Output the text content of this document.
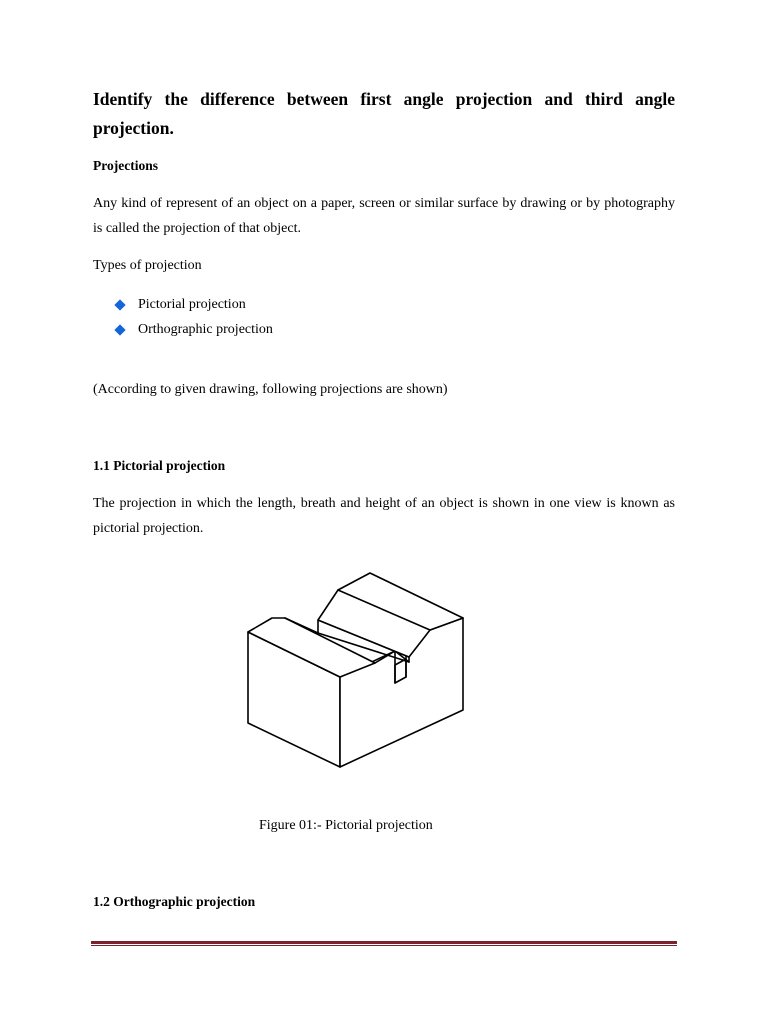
Identify the difference between first angle projection and third angle projection.
Projections

Any kind of represent of an object on a paper, screen or similar surface by drawing or by photography is called the projection of that object.

Types of projection

Pictorial projection
Orthographic projection

(According to given drawing, following projections are shown)

1.1 Pictorial projection

The projection in which the length, breath and height of an object is shown in one view is known as pictorial projection.

Figure 01:- Pictorial projection

1.2 Orthographic projection
